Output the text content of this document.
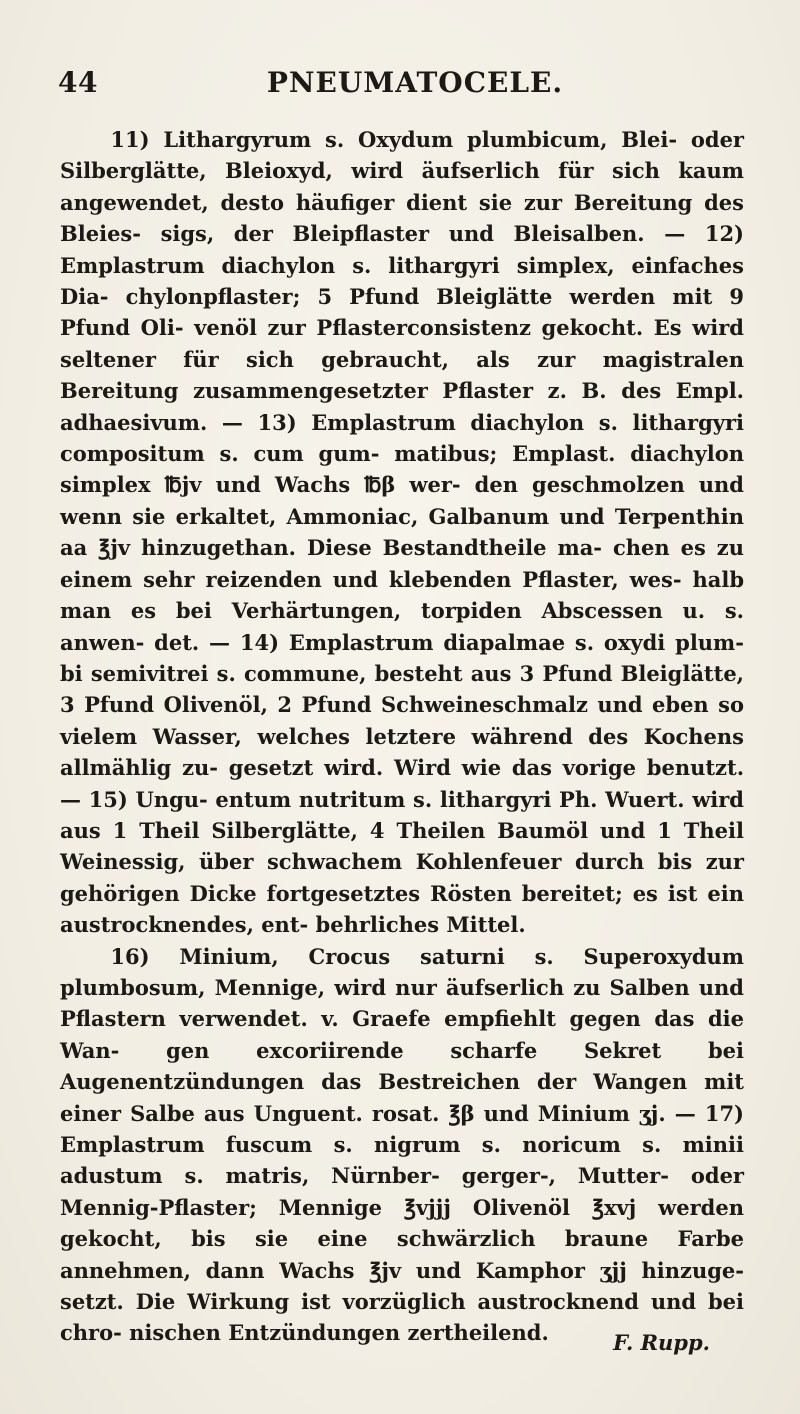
44	PNEUMATOCELE.

11) Lithargyrum s. Oxydum plumbicum, Blei- oder Silberglätte, Bleioxyd, wird äufserlich für sich kaum angewendet, desto häufiger dient sie zur Bereitung des Bleies- sigs, der Bleipflaster und Bleisalben. — 12) Emplastrum diachylon s. lithargyri simplex, einfaches Dia- chylonpflaster; 5 Pfund Bleiglätte werden mit 9 Pfund Oli- venöl zur Pflasterconsistenz gekocht. Es wird seltener für sich gebraucht, als zur magistralen Bereitung zusammengesetzter Pflaster z. B. des Empl. adhaesivum. — 13) Emplastrum diachylon s. lithargyri compositum s. cum gum- matibus; Emplast. diachylon simplex ℔jv und Wachs ℔β wer- den geschmolzen und wenn sie erkaltet, Ammoniac, Galbanum und Terpenthin aa ℥jv hinzugethan. Diese Bestandtheile ma- chen es zu einem sehr reizenden und klebenden Pflaster, wes- halb man es bei Verhärtungen, torpiden Abscessen u. s. anwen- det. — 14) Emplastrum diapalmae s. oxydi plum- bi semivitrei s. commune, besteht aus 3 Pfund Bleiglätte, 3 Pfund Olivenöl, 2 Pfund Schweineschmalz und eben so vielem Wasser, welches letztere während des Kochens allmählig zu- gesetzt wird. Wird wie das vorige benutzt. — 15) Ungu- entum nutritum s. lithargyri Ph. Wuert. wird aus 1 Theil Silberglätte, 4 Theilen Baumöl und 1 Theil Weinessig, über schwachem Kohlenfeuer durch bis zur gehörigen Dicke fortgesetztes Rösten bereitet; es ist ein austrocknendes, ent- behrliches Mittel.

16) Minium, Crocus saturni s. Superoxydum plumbosum, Mennige, wird nur äufserlich zu Salben und Pflastern verwendet. v. Graefe empfiehlt gegen das die Wan- gen excoriirende scharfe Sekret bei Augenentzündungen das Bestreichen der Wangen mit einer Salbe aus Unguent. rosat. ℥β und Minium ʒj. — 17) Emplastrum fuscum s. nigrum s. noricum s. minii adustum s. matris, Nürnber- gerger-, Mutter- oder Mennig-Pflaster; Mennige ℥vjjj Olivenöl ℥xvj werden gekocht, bis sie eine schwärzlich braune Farbe annehmen, dann Wachs ℥jv und Kamphor ʒjj hinzuge- setzt. Die Wirkung ist vorzüglich austrocknend und bei chro- nischen Entzündungen zertheilend.	F. Rupp.
